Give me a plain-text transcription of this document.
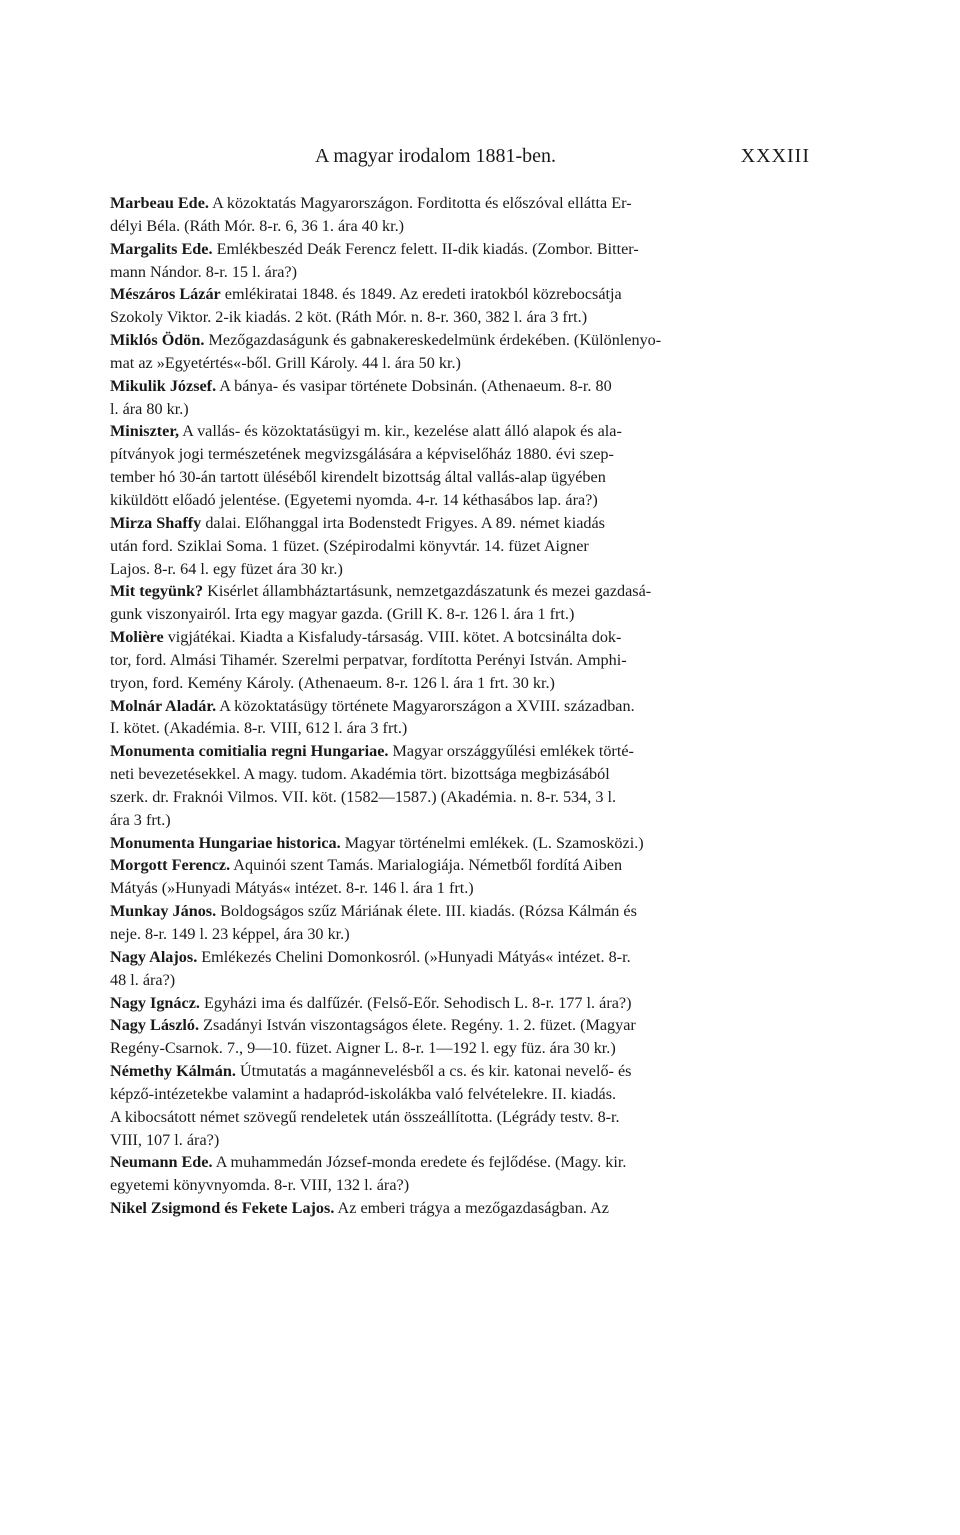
A magyar irodalom 1881-ben.	XXXIII
Marbeau Ede. A közoktatás Magyarországon. Forditotta és előszóval ellátta Er-
délyi Béla. (Ráth Mór. 8-r. 6, 36 1. ára 40 kr.)
Margalits Ede. Emlékbeszéd Deák Ferencz felett. II-dik kiadás. (Zombor. Bitter-
mann Nándor. 8-r. 15 l. ára?)
Mészáros Lázár emlékiratai 1848. és 1849. Az eredeti iratokból közrebocsátja
Szokoly Viktor. 2-ik kiadás. 2 köt. (Ráth Mór. n. 8-r. 360, 382 l. ára 3 frt.)
Miklós Ödön. Mezőgazdaságunk és gabnakereskedelmünk érdekében. (Különlenyo-
mat az »Egyetértés«-ből. Grill Károly. 44 l. ára 50 kr.)
Mikulik József. A bánya- és vasipar története Dobsinán. (Athenaeum. 8-r. 80
l. ára 80 kr.)
Miniszter, A vallás- és közoktatásügyi m. kir., kezelése alatt álló alapok és ala-
pítványok jogi természetének megvizsgálására a képviselőház 1880. évi szep-
tember hó 30-án tartott üléséből kirendelt bizottság által vallás-alap ügyében
kiküldött előadó jelentése. (Egyetemi nyomda. 4-r. 14 kéthasábos lap. ára?)
Mirza Shaffy dalai. Előhanggal irta Bodenstedt Frigyes. A 89. német kiadás
után ford. Sziklai Soma. 1 füzet. (Szépirodalmi könyvtár. 14. füzet Aigner
Lajos. 8-r. 64 l. egy füzet ára 30 kr.)
Mit tegyünk? Kisérlet állambháztartásunk, nemzetgazdászatunk és mezei gazdasá-
gunk viszonyairól. Irta egy magyar gazda. (Grill K. 8-r. 126 l. ára 1 frt.)
Molière vigjátékai. Kiadta a Kisfaludy-társaság. VIII. kötet. A botcsinálta dok-
tor, ford. Almási Tihamér. Szerelmi perpatvar, fordította Perényi István. Amphi-
tryon, ford. Kemény Károly. (Athenaeum. 8-r. 126 l. ára 1 frt. 30 kr.)
Molnár Aladár. A közoktatásügy története Magyarországon a XVIII. században.
I. kötet. (Akadémia. 8-r. VIII, 612 l. ára 3 frt.)
Monumenta comitialia regni Hungariae. Magyar országgyűlési emlékek törté-
neti bevezetésekkel. A magy. tudom. Akadémia tört. bizottsága megbizásából
szerk. dr. Fraknói Vilmos. VII. köt. (1582—1587.) (Akadémia. n. 8-r. 534, 3 l.
ára 3 frt.)
Monumenta Hungariae historica. Magyar történelmi emlékek. (L. Szamosközi.)
Morgott Ferencz. Aquinói szent Tamás. Marialogiája. Németből fordítá Aiben
Mátyás (»Hunyadi Mátyás« intézet. 8-r. 146 l. ára 1 frt.)
Munkay János. Boldogságos szűz Máriának élete. III. kiadás. (Rózsa Kálmán és
neje. 8-r. 149 l. 23 képpel, ára 30 kr.)
Nagy Alajos. Emlékezés Chelini Domonkosról. (»Hunyadi Mátyás« intézet. 8-r.
48 l. ára?)
Nagy Ignácz. Egyházi ima és dalfűzér. (Felső-Eőr. Sehodisch L. 8-r. 177 l. ára?)
Nagy László. Zsadányi István viszontagságos élete. Regény. 1. 2. füzet. (Magyar
Regény-Csarnok. 7., 9—10. füzet. Aigner L. 8-r. 1—192 l. egy füz. ára 30 kr.)
Némethy Kálmán. Útmutatás a magánnevelésből a cs. és kir. katonai nevelő- és
képző-intézetekbe valamint a hadapród-iskolákba való felvételekre. II. kiadás.
A kibocsátott német szövegű rendeletek után összeállította. (Légrády testv. 8-r.
VIII, 107 l. ára?)
Neumann Ede. A muhammedán József-monda eredete és fejlődése. (Magy. kir.
egyetemi könyvnyomda. 8-r. VIII, 132 l. ára?)
Nikel Zsigmond és Fekete Lajos. Az emberi trágya a mezőgazdaságban. Az
